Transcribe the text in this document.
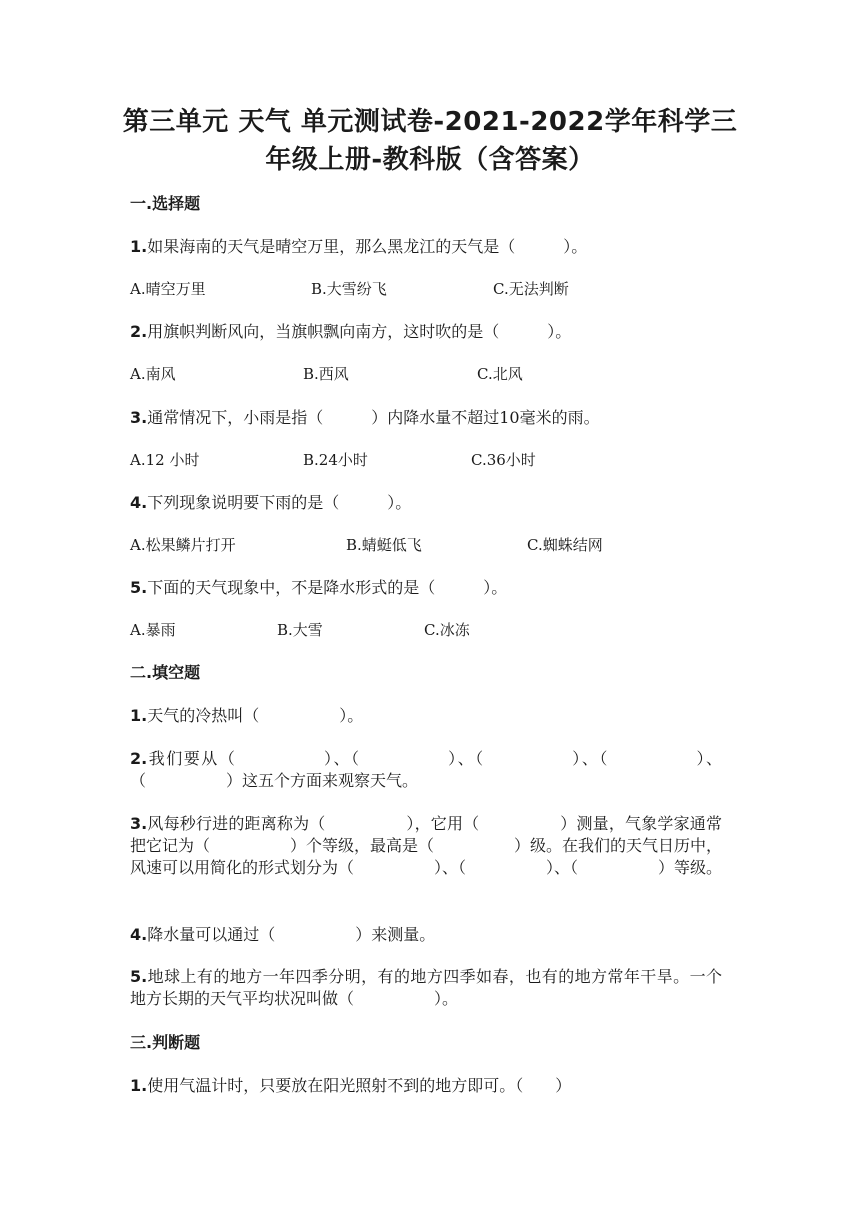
第三单元 天气 单元测试卷-2021-2022学年科学三
年级上册-教科版（含答案）

一.选择题

1.如果海南的天气是晴空万里，那么黑龙江的天气是（　　　）。

A.晴空万里	B.大雪纷飞	C.无法判断

2.用旗帜判断风向，当旗帜飘向南方，这时吹的是（　　　）。

A.南风	B.西风	C.北风

3.通常情况下，小雨是指（　　　）内降水量不超过10毫米的雨。

A.12 小时	B.24小时	C.36小时

4.下列现象说明要下雨的是（　　　）。

A.松果鳞片打开	B.蜻蜓低飞	C.蜘蛛结网

5.下面的天气现象中，不是降水形式的是（　　　）。

A.暴雨	B.大雪	C.冰冻

二.填空题

1.天气的冷热叫（　　　　　）。

2.我们要从（　　　　　）、（　　　　　）、（　　　　　）、（　　　　　）、（　　　　　）这五个方面来观察天气。

3.风每秒行进的距离称为（　　　　　），它用（　　　　　）测量，气象学家通常把它记为（　　　　　）个等级，最高是（　　　　　）级。在我们的天气日历中，风速可以用简化的形式划分为（　　　　　）、（　　　　　）、（　　　　　）等级。

4.降水量可以通过（　　　　　）来测量。

5.地球上有的地方一年四季分明，有的地方四季如春，也有的地方常年干旱。一个地方长期的天气平均状况叫做（　　　　　）。

三.判断题

1.使用气温计时，只要放在阳光照射不到的地方即可。（　　）
